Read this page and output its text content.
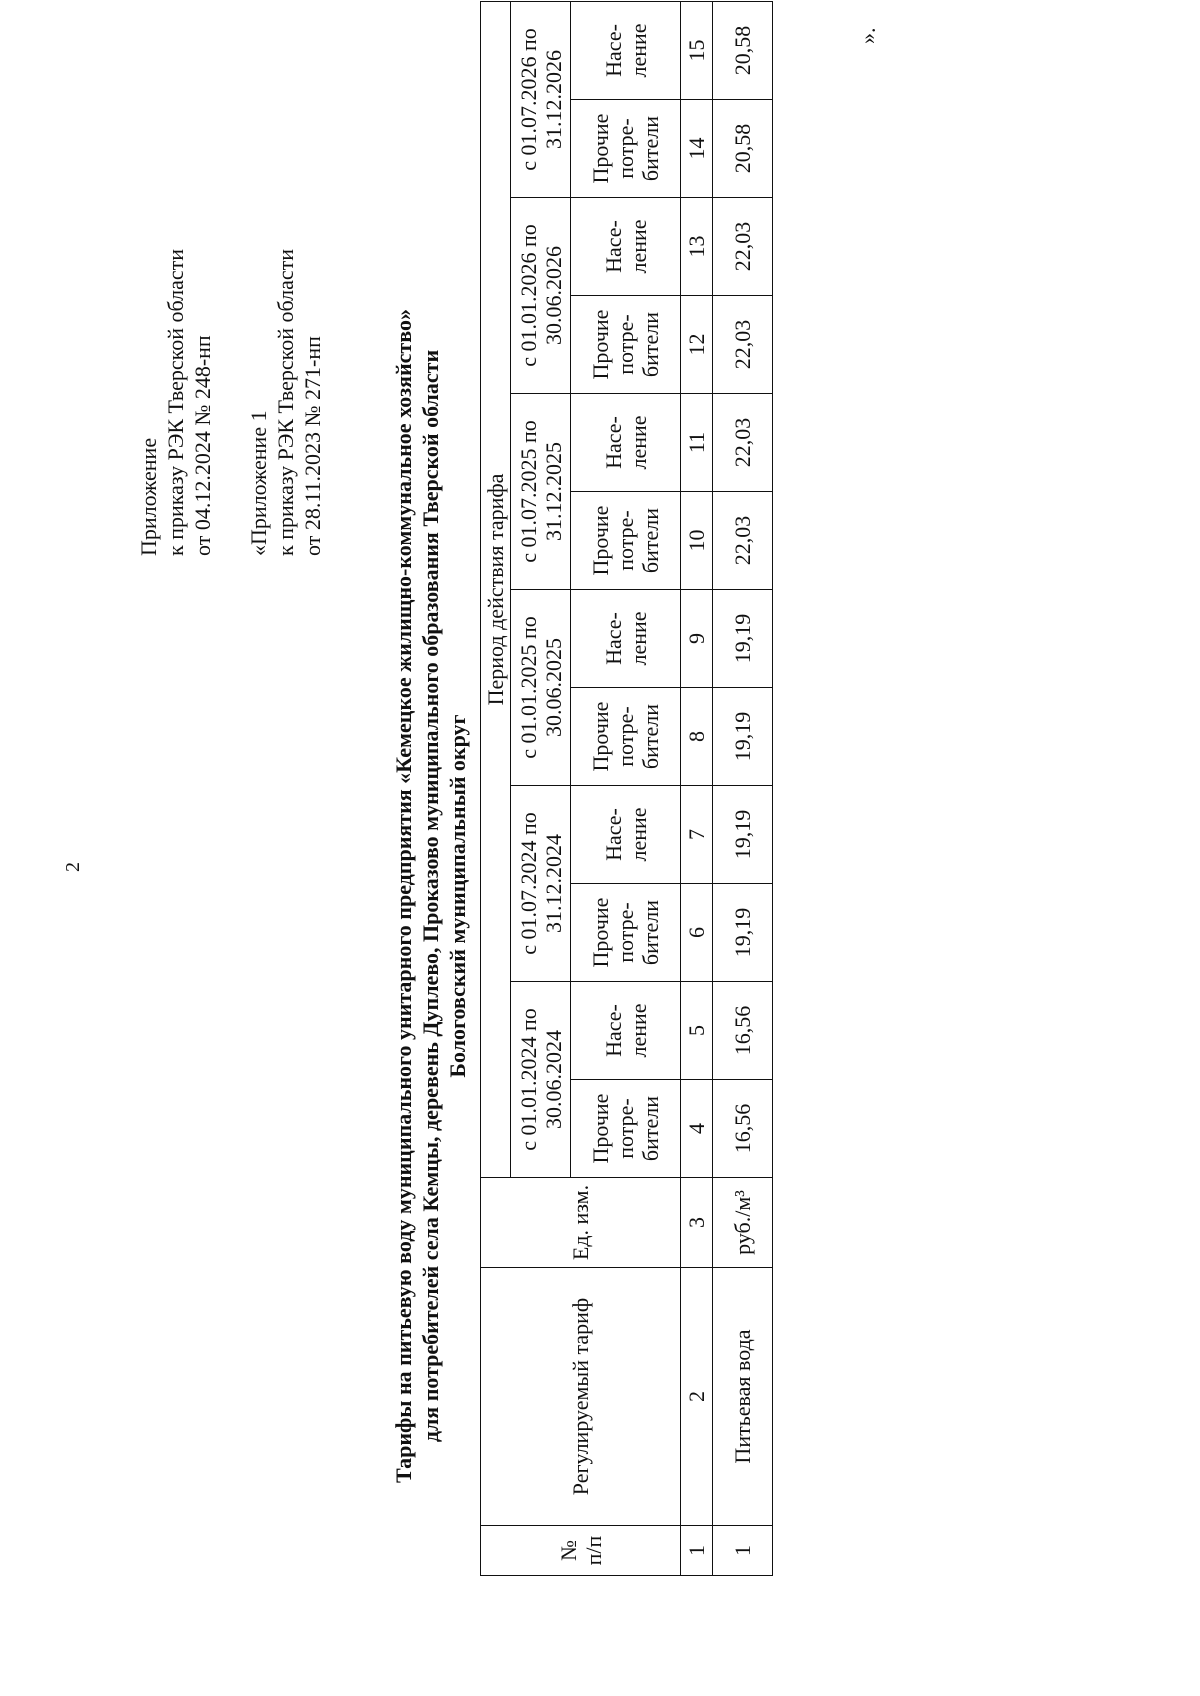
2
Приложение к приказу РЭК Тверской области от 04.12.2024 № 248-нп «Приложение 1 к приказу РЭК Тверской области от 28.11.2023 № 271-нп	Тарифы на питьевую воду муниципального унитарного предприятия «Кемецкое жилищно-коммунальное хозяйство» для потребителей села Кемцы, деревень Дуплево, Проказово муниципального образования Тверской области Бологовский муниципальный округ
№ п/п	Регулируемый тариф	Ед. изм.	Период действия тарифа											
			с 01.01.2024 по 30.06.2024		с 01.07.2024 по 31.12.2024		с 01.01.2025 по 30.06.2025		с 01.07.2025 по 31.12.2025		с 01.01.2026 по 30.06.2026		с 01.07.2026 по 31.12.2026	
			Прочие потре-бители	Насе-ление	Прочие потре-бители	Насе-ление	Прочие потре-бители	Насе-ление	Прочие потре-бители	Насе-ление	Прочие потре-бители	Насе-ление	Прочие потре-бители	Насе-ление
1	2	3	4	5	6	7	8	9	10	11	12	13	14	15
1	Питьевая вода	руб./м³	16,56	16,56	19,19	19,19	19,19	19,19	22,03	22,03	22,03	22,03	20,58	20,58	».
